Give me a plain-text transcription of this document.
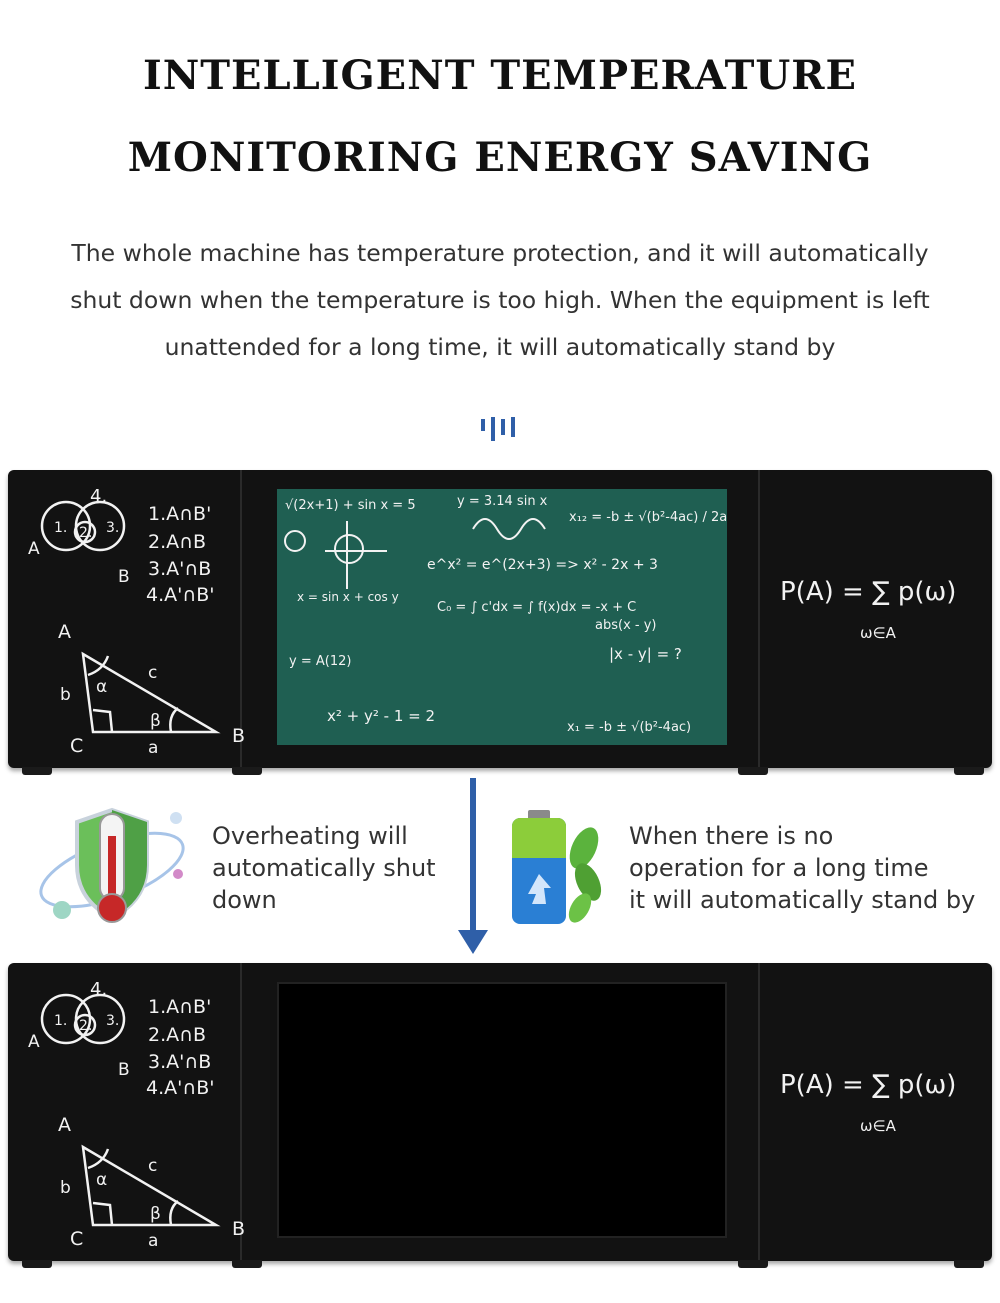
INTELLIGENT TEMPERATURE
MONITORING ENERGY SAVING
The whole machine has temperature protection, and it will automatically
shut down when the temperature is too high. When the equipment is left
unattended for a long time, it will automatically stand by
4.
1. 2. 3.
A
B
1.A∩B'
2.A∩B
3.A'∩B
4.A'∩B'
A
B
C	a
b
c
α
β
P(A) = ∑ p(ω)
ω∈A
√(2x+1) + sin x = 5	y = 3.14 sin x
x₁₂ = -b ± √(b²-4ac) / 2a
e^x² = e^(2x+3) => x² - 2x + 3
x = sin x + cos y
C₀ = ∫ c'dx = ∫ f(x)dx = -x + C
abs(x - y)
y = A(12)	|x - y| = ?
x² + y² - 1 = 2
x₁ = -b ± √(b²-4ac)
Overheating will
automatically shut
down
When there is no
operation for a long time
it will automatically stand by
4.
1. 2. 3.
A
B
1.A∩B'
2.A∩B
3.A'∩B
4.A'∩B'
A
B
C	a
b
c
α
β
P(A) = ∑ p(ω)
ω∈A
